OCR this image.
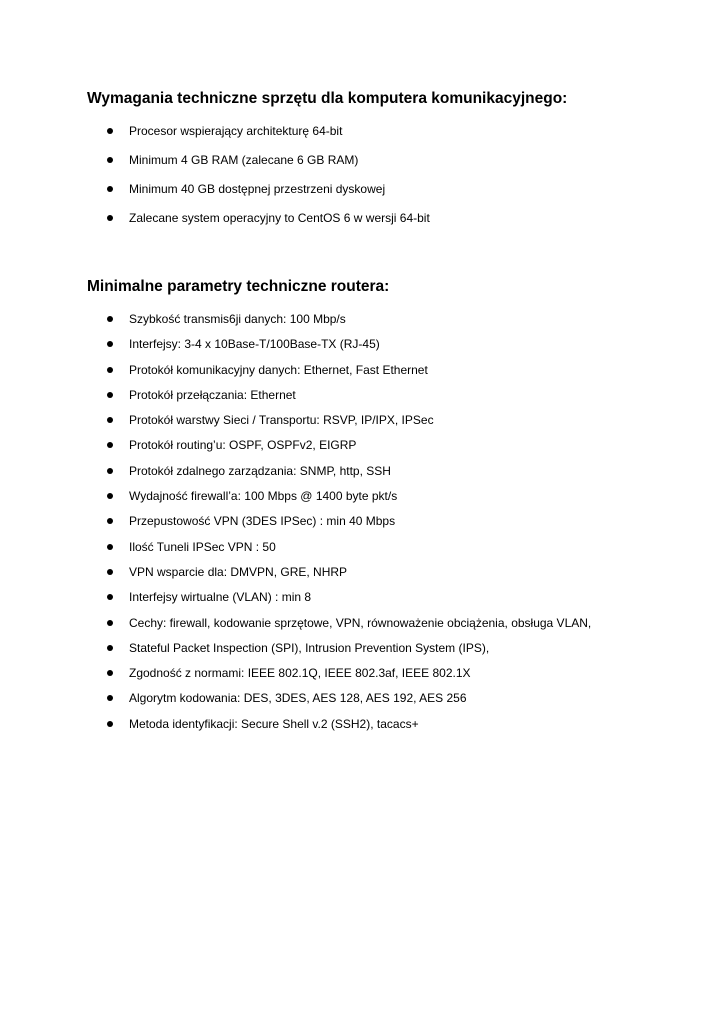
Wymagania techniczne sprzętu dla komputera komunikacyjnego:
Procesor wspierający architekturę 64-bit
Minimum 4 GB RAM (zalecane 6 GB RAM)
Minimum 40 GB dostępnej przestrzeni dyskowej
Zalecane system operacyjny to CentOS 6 w wersji 64-bit
Minimalne parametry techniczne routera:
Szybkość transmis6ji danych: 100 Mbp/s
Interfejsy: 3-4 x 10Base-T/100Base-TX (RJ-45)
Protokół komunikacyjny danych: Ethernet, Fast Ethernet
Protokół przełączania: Ethernet
Protokół warstwy Sieci / Transportu: RSVP, IP/IPX, IPSec
Protokół routing’u: OSPF, OSPFv2, EIGRP
Protokół zdalnego zarządzania: SNMP, http, SSH
Wydajność firewall’a: 100 Mbps @ 1400 byte pkt/s
Przepustowość VPN (3DES IPSec) : min 40 Mbps
Ilość Tuneli IPSec VPN : 50
VPN wsparcie dla: DMVPN, GRE, NHRP
Interfejsy wirtualne (VLAN) : min 8
Cechy: firewall, kodowanie sprzętowe, VPN, równoważenie obciążenia, obsługa VLAN,
Stateful Packet Inspection (SPI), Intrusion Prevention System (IPS),
Zgodność z normami: IEEE 802.1Q, IEEE 802.3af, IEEE 802.1X
Algorytm kodowania: DES, 3DES, AES 128, AES 192, AES 256
Metoda identyfikacji: Secure Shell v.2 (SSH2), tacacs+
